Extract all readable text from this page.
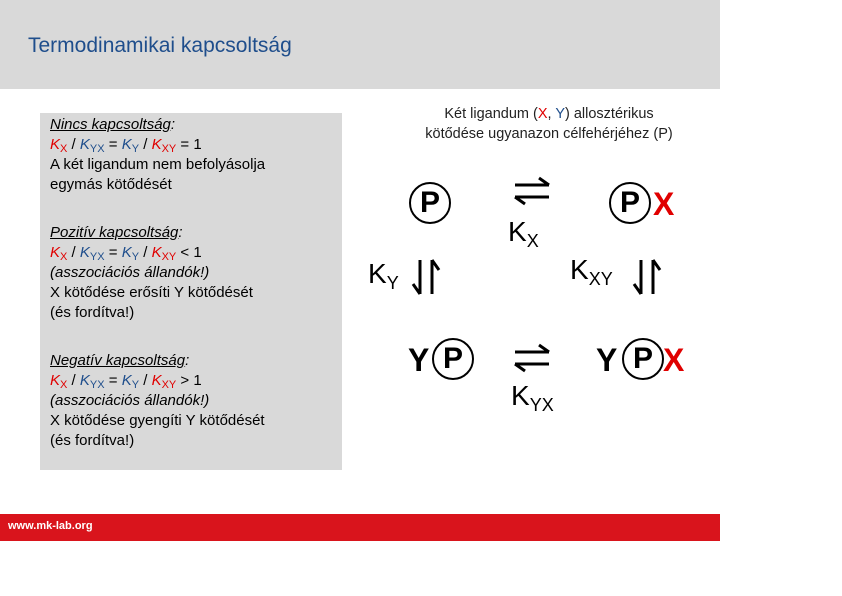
Termodinamikai kapcsoltság
Nincs kapcsoltság:
$K_X / K_{YX} = K_Y / K_{XY} = 1$
A két ligandum nem befolyásolja
egymás kötődését
Pozitív kapcsoltság:
$K_X / K_{YX} = K_Y / K_{XY} < 1$
(asszociációs állandók!)
X kötődése erősíti Y kötődését
(és fordítva!)
Negatív kapcsoltság:
$K_X / K_{YX} = K_Y / K_{XY} > 1$
(asszociációs állandók!)
X kötődése gyengíti Y kötődését
(és fordítva!)
Két ligandum (X, Y) allosztérikus
kötődése ugyanazon célfehérjéhez (P)
P	P X
Y P	Y P X
$K_X$
$K_Y$	$K_{XY}$
$K_{YX}$
www.mk-lab.org
